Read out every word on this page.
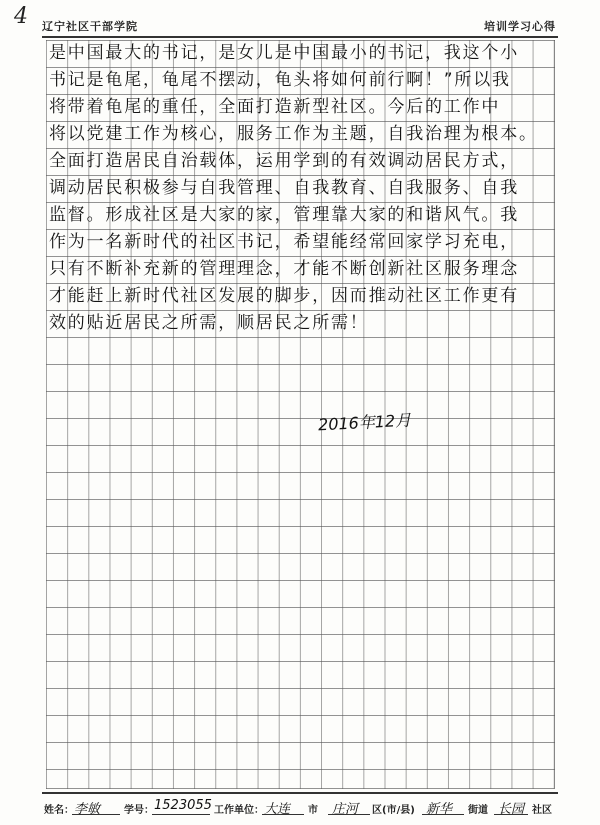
4 辽宁社区干部学院	培训学习心得
是中国最大的书记，是女儿是中国最小的书记，我这个小
书记是龟尾，龟尾不摆动，龟头将如何前行啊！”所以我
将带着龟尾的重任，全面打造新型社区。今后的工作中
将以党建工作为核心，服务工作为主题，自我治理为根本。
全面打造居民自治载体，运用学到的有效调动居民方式，
调动居民积极参与自我管理、自我教育、自我服务、自我
监督。形成社区是大家的家，管理靠大家的和谐风气。我
作为一名新时代的社区书记，希望能经常回家学习充电，
只有不断补充新的管理理念，才能不断创新社区服务理念
才能赶上新时代社区发展的脚步，因而推动社区工作更有
效的贴近居民之所需，顺居民之所需！
2016年12月
姓名： 李敏 学号： 1523055 工作单位： 大连 市 庄河 区(市/县) 新华 街道 长园 社区
